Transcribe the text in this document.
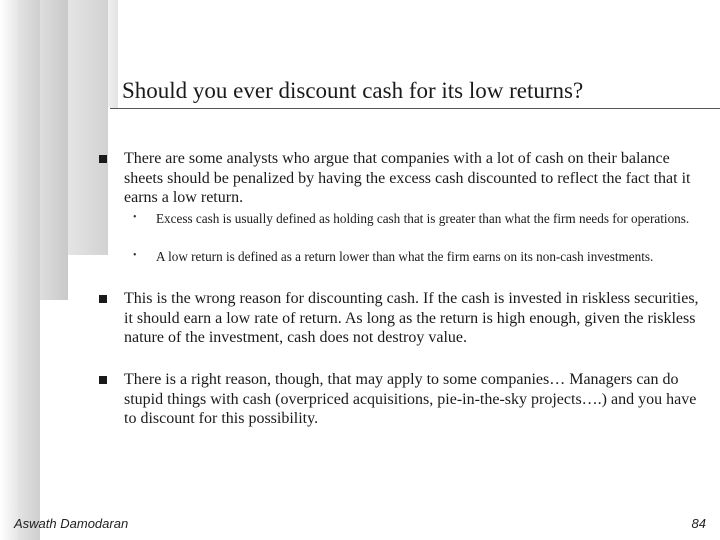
Should you ever discount cash for its low returns?
There are some analysts who argue that companies with a lot of cash on their balance sheets should be penalized by having the excess cash discounted to reflect the fact that it earns a low return.
• Excess cash is usually defined as holding cash that is greater than what the firm needs for operations.
• A low return is defined as a return lower than what the firm earns on its non-cash investments.
This is the wrong reason for discounting cash. If the cash is invested in riskless securities, it should earn a low rate of return. As long as the return is high enough, given the riskless nature of the investment, cash does not destroy value.
There is a right reason, though, that may apply to some companies… Managers can do stupid things with cash (overpriced acquisitions, pie-in-the-sky projects….) and you have to discount for this possibility.
Aswath Damodaran	84
